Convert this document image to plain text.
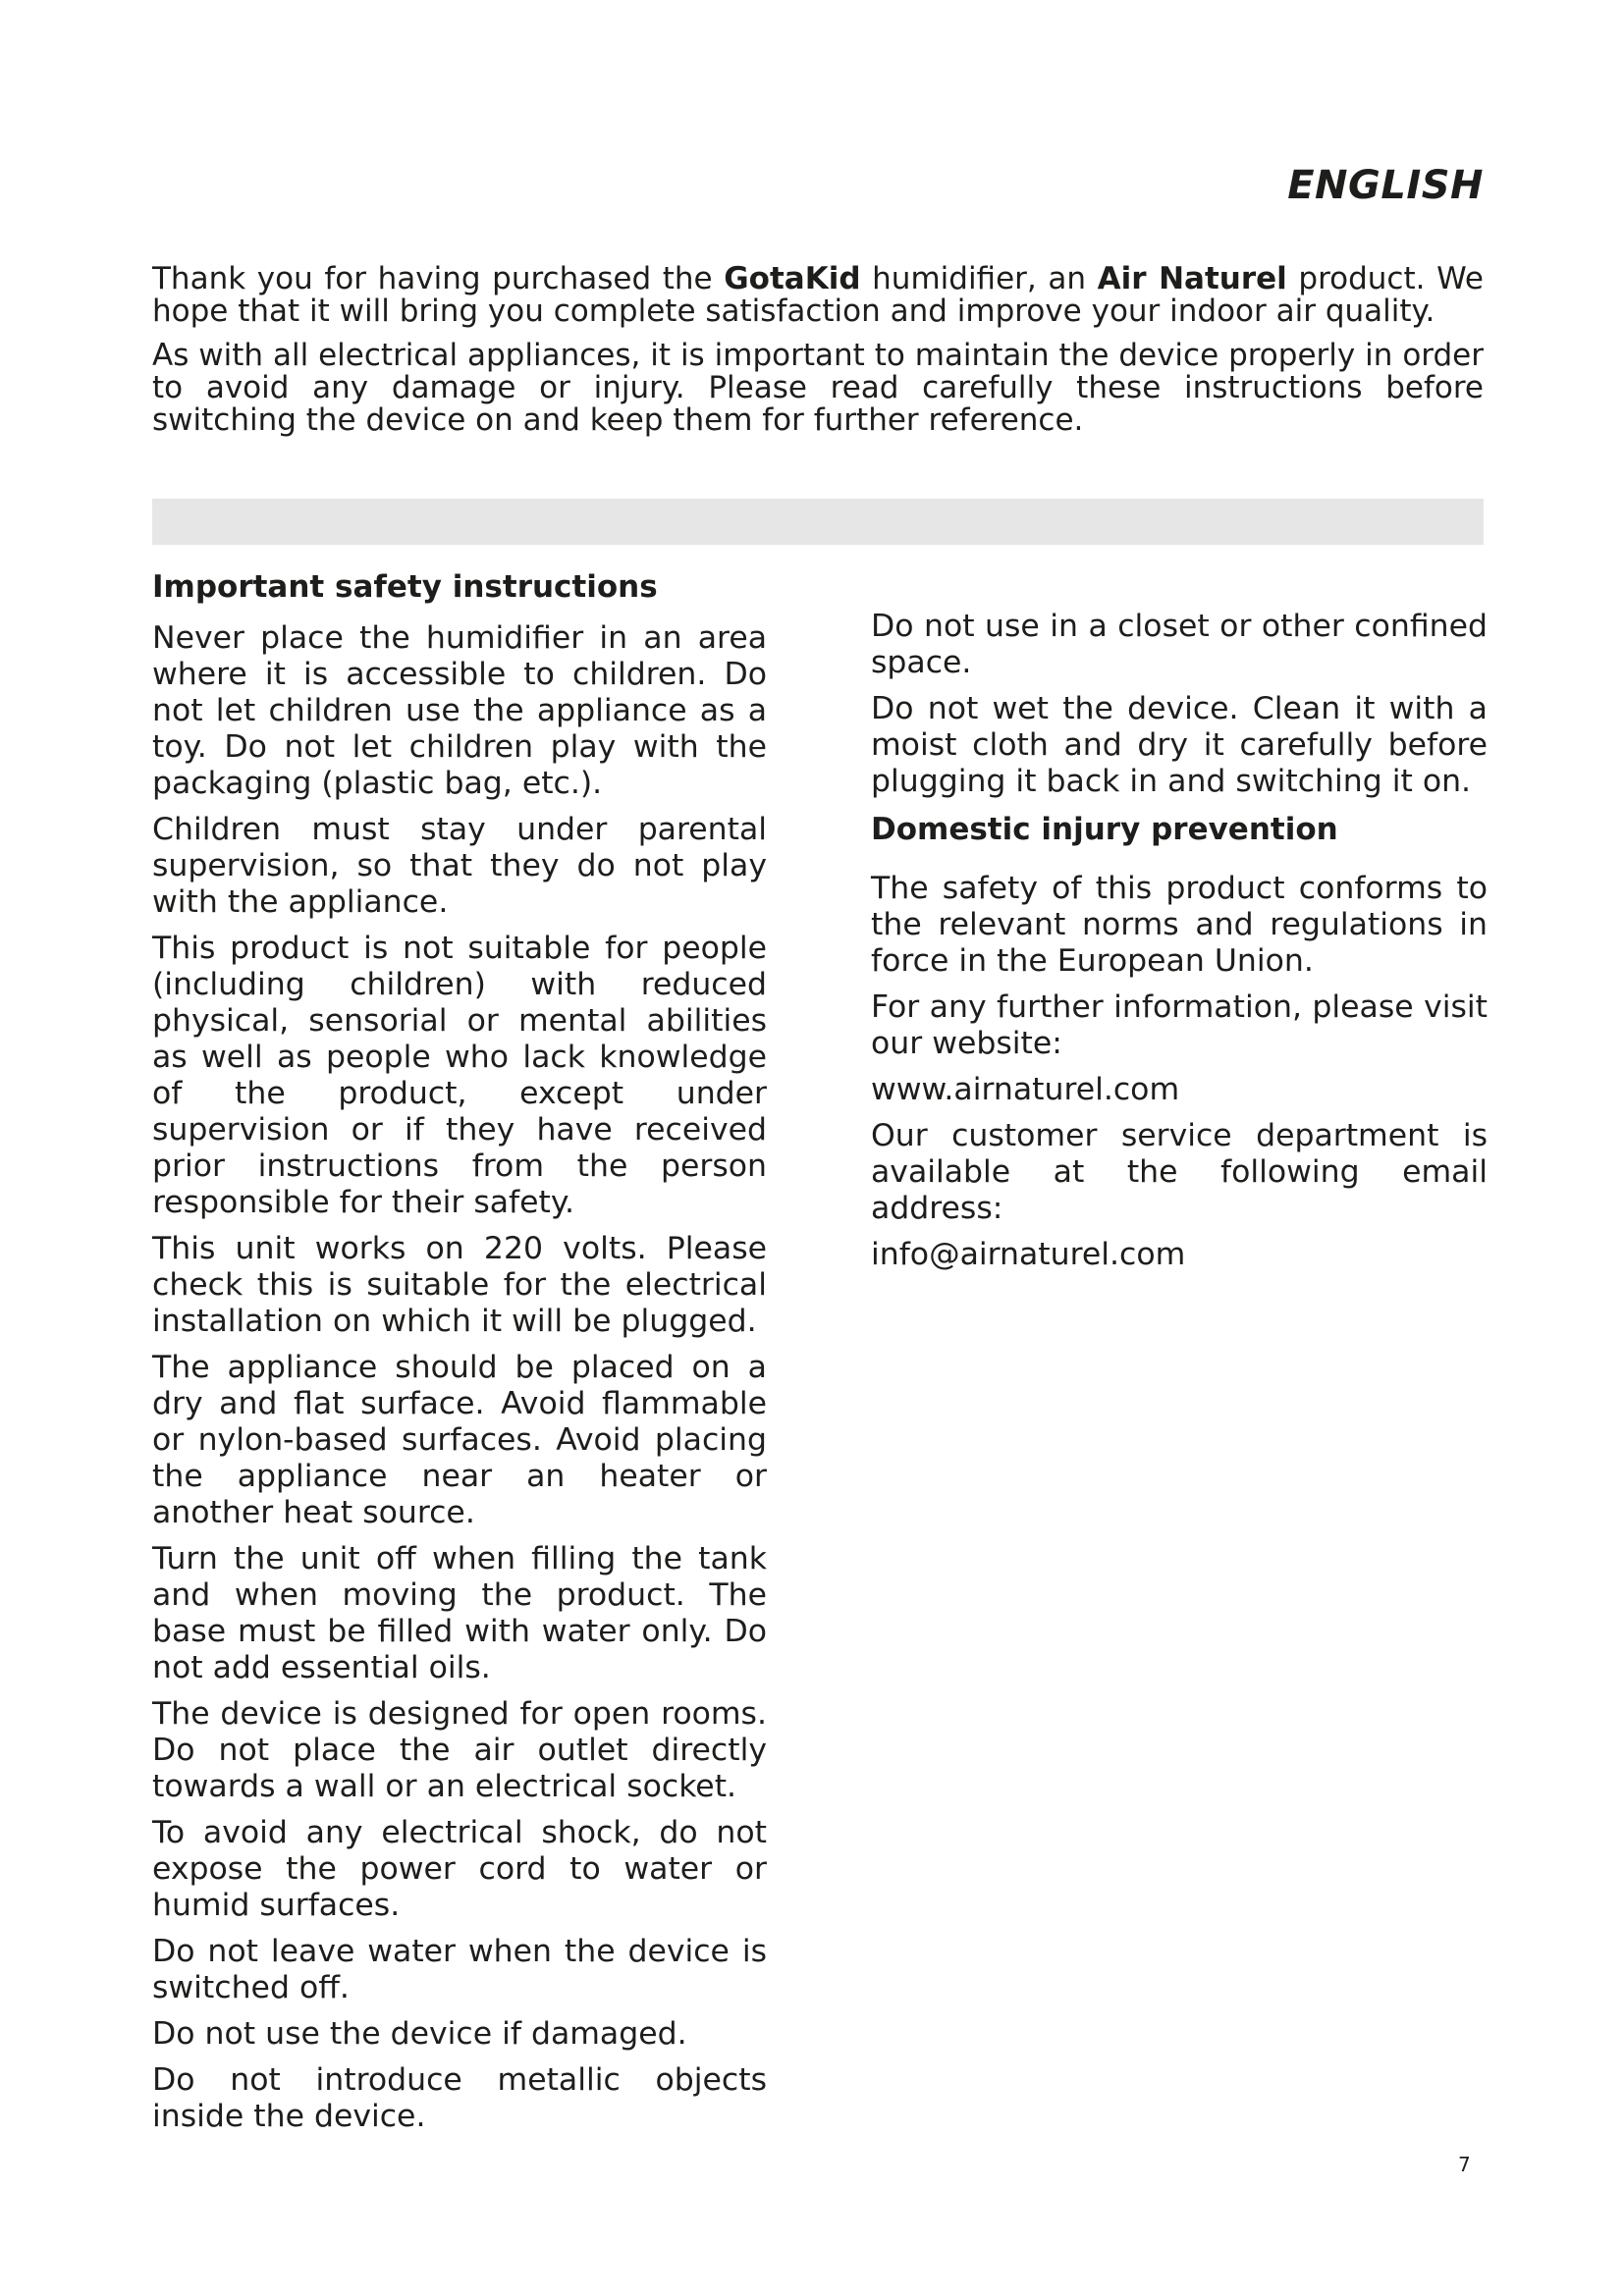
ENGLISH

Thank you for having purchased the GotaKid humidifier, an Air Naturel product. We hope that it will bring you complete satisfaction and improve your indoor air quality.

As with all electrical appliances, it is important to maintain the device properly in order to avoid any damage or injury. Please read carefully these instructions before switching the device on and keep them for further reference.

Important safety instructions

Never place the humidifier in an area where it is accessible to children. Do not let children use the appliance as a toy. Do not let children play with the packaging (plastic bag, etc.).

Children must stay under parental supervision, so that they do not play with the appliance.

This product is not suitable for people (including children) with reduced physical, sensorial or mental abilities as well as people who lack knowledge of the product, except under supervision or if they have received prior instructions from the person responsible for their safety.

This unit works on 220 volts. Please check this is suitable for the electrical installation on which it will be plugged.

The appliance should be placed on a dry and flat surface. Avoid flammable or nylon-based surfaces. Avoid placing the appliance near an heater or another heat source.

Turn the unit off when filling the tank and when moving the product. The base must be filled with water only. Do not add essential oils.

The device is designed for open rooms. Do not place the air outlet directly towards a wall or an electrical socket.

To avoid any electrical shock, do not expose the power cord to water or humid surfaces.

Do not leave water when the device is switched off.

Do not use the device if damaged.

Do not introduce metallic objects inside the device.

Do not use in a closet or other confined space.

Do not wet the device. Clean it with a moist cloth and dry it carefully before plugging it back in and switching it on.

Domestic injury prevention

The safety of this product conforms to the relevant norms and regulations in force in the European Union.

For any further information, please visit our website:

www.airnaturel.com

Our customer service department is available at the following email address:

info@airnaturel.com

7
